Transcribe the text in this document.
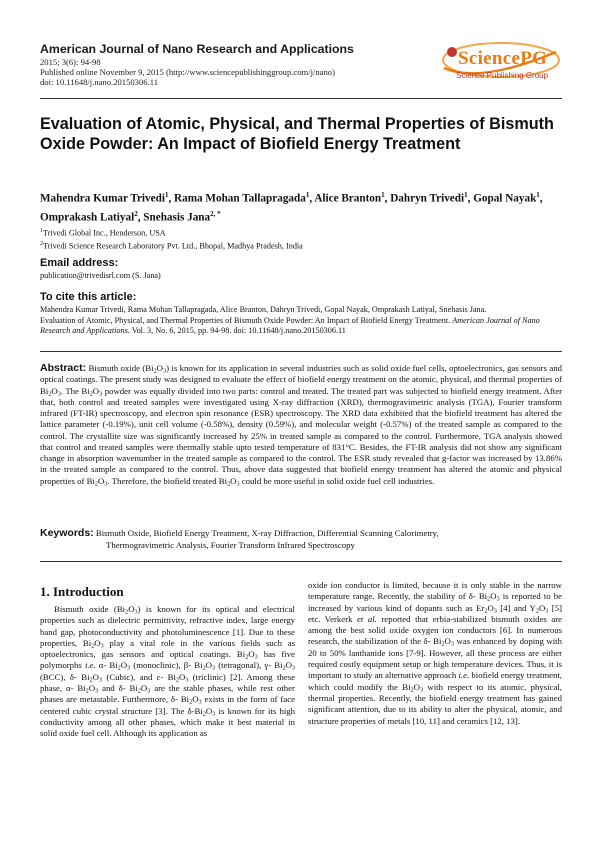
American Journal of Nano Research and Applications
2015; 3(6): 94-98
Published online November 9, 2015 (http://www.sciencepublishinggroup.com/j/nano)
doi: 10.11648/j.nano.20150306.11
SciencePG
Science Publishing Group
Evaluation of Atomic, Physical, and Thermal Properties of Bismuth Oxide Powder: An Impact of Biofield Energy Treatment
Mahendra Kumar Trivedi$^1$, Rama Mohan Tallapragada$^1$, Alice Branton$^1$, Dahryn Trivedi$^1$, Gopal Nayak$^1$, Omprakash Latiyal$^2$, Snehasis Jana$^{2, *}$
$^1$Trivedi Global Inc., Henderson, USA
$^2$Trivedi Science Research Laboratory Pvt. Ltd., Bhopal, Madhya Pradesh, India
Email address:
publication@trivedisrl.com (S. Jana)
To cite this article:
Mahendra Kumar Trivedi, Rama Mohan Tallapragada, Alice Branton, Dahryn Trivedi, Gopal Nayak, Omprakash Latiyal, Snehasis Jana.
Evaluation of Atomic, Physical, and Thermal Properties of Bismuth Oxide Powder: An Impact of Biofield Energy Treatment. American Journal of Nano Research and Applications. Vol. 3, No. 6, 2015, pp. 94-98. doi: 10.11648/j.nano.20150306.11
Abstract: Bismuth oxide $(Bi_2O_3)$ is known for its application in several industries such as solid oxide fuel cells, optoelectronics, gas sensors and optical coatings. The present study was designed to evaluate the effect of biofield energy treatment on the atomic, physical, and thermal properties of $Bi_2O_3$. The $Bi_2O_3$ powder was equally divided into two parts: control and treated. The treated part was subjected to biofield energy treatment. After that, both control and treated samples were investigated using X-ray diffraction (XRD), thermogravimetric analysis (TGA), Fourier transform infrared (FT-IR) spectroscopy, and electron spin resonance (ESR) spectroscopy. The XRD data exhibited that the biofield treatment has altered the lattice parameter (-0.19%), unit cell volume (-0.58%), density (0.59%), and molecular weight (-0.57%) of the treated sample as compared to the control. The crystallite size was significantly increased by 25% in treated sample as compared to the control. Furthermore, TGA analysis showed that control and treated samples were thermally stable upto tested temperature of 831°C. Besides, the FT-IR analysis did not show any significant change in absorption wavenumber in the treated sample as compared to the control. The ESR study revealed that g-factor was increased by 13.86% in the treated sample as compared to the control. Thus, above data suggested that biofield energy treatment has altered the atomic and physical properties of $Bi_2O_3$. Therefore, the biofield treated $Bi_2O_3$ could be more useful in solid oxide fuel cell industries.
Keywords: Bismuth Oxide, Biofield Energy Treatment, X-ray Diffraction, Differential Scanning Calorimetry,
Thermogravimetric Analysis, Fourier Transform Infrared Spectroscopy
1. Introduction

Bismuth oxide $(Bi_2O_3)$ is known for its optical and electrical properties such as dielectric permittivity, refractive index, large energy band gap, photoconductivity and photoluminescence [1]. Due to these properties, $Bi_2O_3$ play a vital role in the various fields such as optoelectronics, gas sensors and optical coatings. $Bi_2O_3$ has five polymorphs i.e. α- $Bi_2O_3$ (monoclinic), β- $Bi_2O_3$ (tetragonal), γ- $Bi_2O_3$ (BCC), δ- $Bi_2O_3$ (Cubic), and ε- $Bi_2O_3$ (triclinic) [2]. Among these phase, α- $Bi_2O_3$ and δ- $Bi_2O_3$ are the stable phases, while rest other phases are metastable. Furthermore, δ- $Bi_2O_3$ exists in the form of face centered cubic crystal structure [3]. The $\delta-Bi_2O_3$ is known for its high conductivity among all other phases, which make it best material in solid oxide fuel cell. Although its application as

oxide ion conductor is limited, because it is only stable in the narrow temperature range. Recently, the stability of δ- $Bi_2O_3$ is reported to be increased by various kind of dopants such as $Er_2O_3$ [4] and $Y_2O_3$ [5] etc. Verkerk et al. reported that erbia-stabilized bismuth oxides are among the best solid oxide oxygen ion conductors [6]. In numerous research, the stabilization of the δ- $Bi_2O_3$ was enhanced by doping with 20 to 50% lanthanide ions [7-9]. However, all these process are either required costly equipment setup or high temperature devices. Thus, it is important to study an alternative approach i.e. biofield energy treatment, which could modify the $Bi_2O_3$ with respect to its atomic, physical, thermal properties. Recently, the biofield energy treatment has gained significant attention, due to its ability to alter the physical, atomic, and structure properties of metals [10, 11] and ceramics [12, 13].
